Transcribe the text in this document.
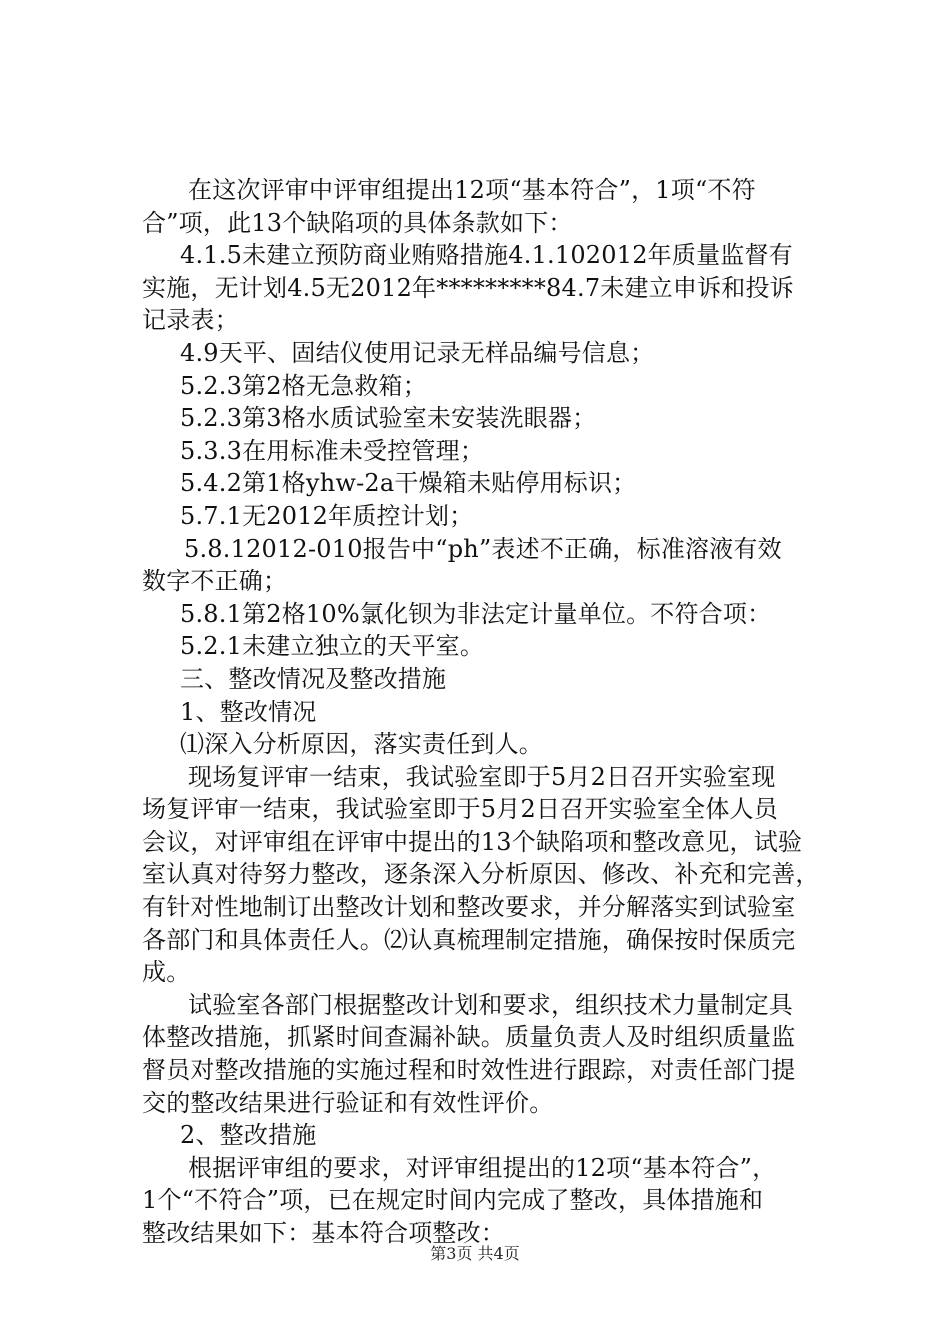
在这次评审中评审组提出12项“基本符合”，1项“不符
合”项，此13个缺陷项的具体条款如下：
4.1.5未建立预防商业贿赂措施4.1.102012年质量监督有
实施，无计划4.5无2012年*********84.7未建立申诉和投诉
记录表；
4.9天平、固结仪使用记录无样品编号信息；
5.2.3第2格无急救箱；
5.2.3第3格水质试验室未安装洗眼器；
5.3.3在用标准未受控管理；
5.4.2第1格yhw-2a干燥箱未贴停用标识；
5.7.1无2012年质控计划；
5.8.12012-010报告中“ph”表述不正确，标准溶液有效
数字不正确；
5.8.1第2格10%氯化钡为非法定计量单位。不符合项：
5.2.1未建立独立的天平室。
三、整改情况及整改措施
1、整改情况
⑴深入分析原因，落实责任到人。
现场复评审一结束，我试验室即于5月2日召开实验室现
场复评审一结束，我试验室即于5月2日召开实验室全体人员
会议，对评审组在评审中提出的13个缺陷项和整改意见，试验
室认真对待努力整改，逐条深入分析原因、修改、补充和完善，
有针对性地制订出整改计划和整改要求，并分解落实到试验室
各部门和具体责任人。⑵认真梳理制定措施，确保按时保质完
成。
试验室各部门根据整改计划和要求，组织技术力量制定具
体整改措施，抓紧时间查漏补缺。质量负责人及时组织质量监
督员对整改措施的实施过程和时效性进行跟踪，对责任部门提
交的整改结果进行验证和有效性评价。
2、整改措施
根据评审组的要求，对评审组提出的12项“基本符合”，
1个“不符合”项，已在规定时间内完成了整改，具体措施和
整改结果如下：基本符合项整改：
第3页 共4页
